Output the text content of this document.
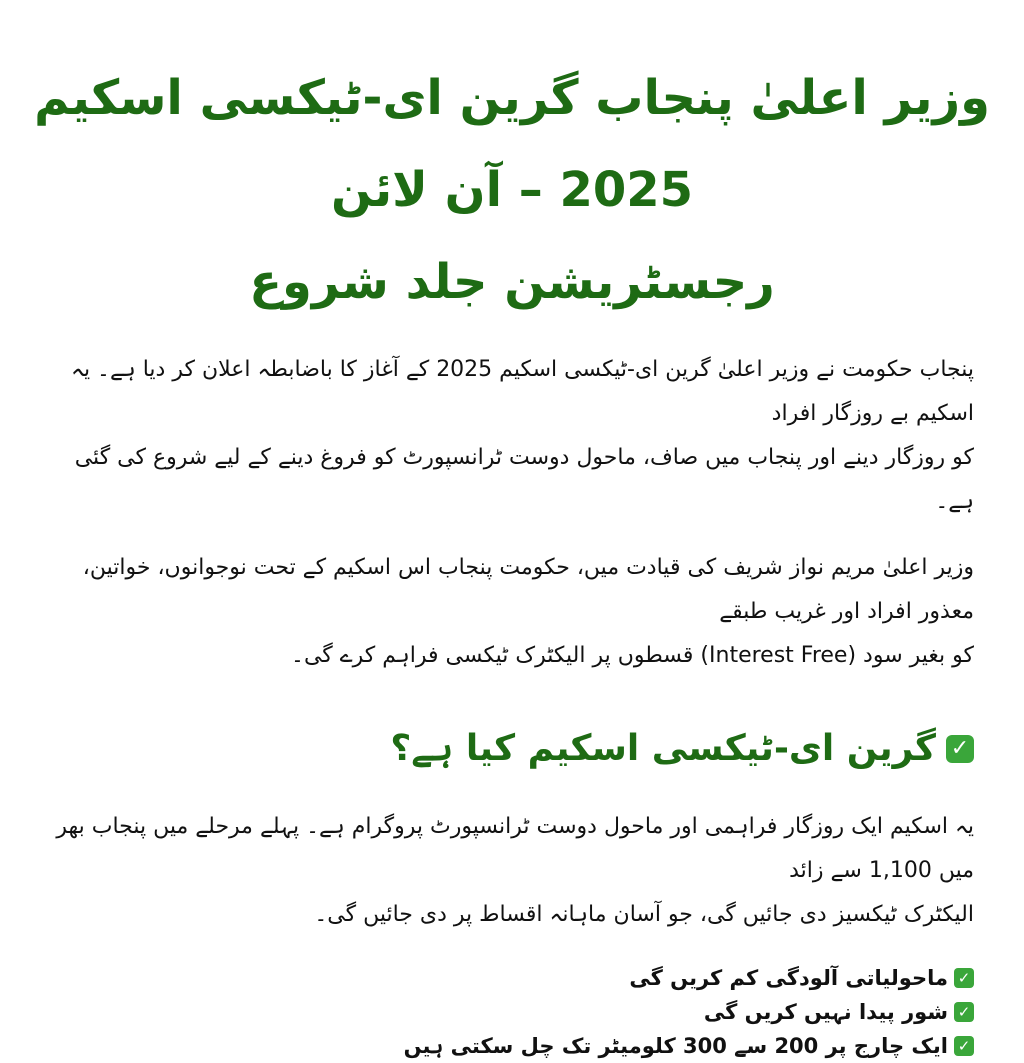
وزیر اعلیٰ پنجاب گرین ای-ٹیکسی اسکیم 2025 – آن لائن
رجسٹریشن جلد شروع

پنجاب حکومت نے وزیر اعلیٰ گرین ای-ٹیکسی اسکیم 2025 کے آغاز کا باضابطہ اعلان کر دیا ہے۔ یہ اسکیم بے روزگار افراد
کو روزگار دینے اور پنجاب میں صاف، ماحول دوست ٹرانسپورٹ کو فروغ دینے کے لیے شروع کی گئی ہے۔

وزیر اعلیٰ مریم نواز شریف کی قیادت میں، حکومت پنجاب اس اسکیم کے تحت نوجوانوں، خواتین، معذور افراد اور غریب طبقے
کو بغیر سود (Interest Free) قسطوں پر الیکٹرک ٹیکسی فراہم کرے گی۔

✓
گرین ای-ٹیکسی اسکیم کیا ہے؟

یہ اسکیم ایک روزگار فراہمی اور ماحول دوست ٹرانسپورٹ پروگرام ہے۔ پہلے مرحلے میں پنجاب بھر میں 1,100 سے زائد
الیکٹرک ٹیکسیز دی جائیں گی، جو آسان ماہانہ اقساط پر دی جائیں گی۔

✓
ماحولیاتی آلودگی کم کریں گی
✓
شور پیدا نہیں کریں گی
✓
ایک چارج پر 200 سے 300 کلومیٹر تک چل سکتی ہیں
